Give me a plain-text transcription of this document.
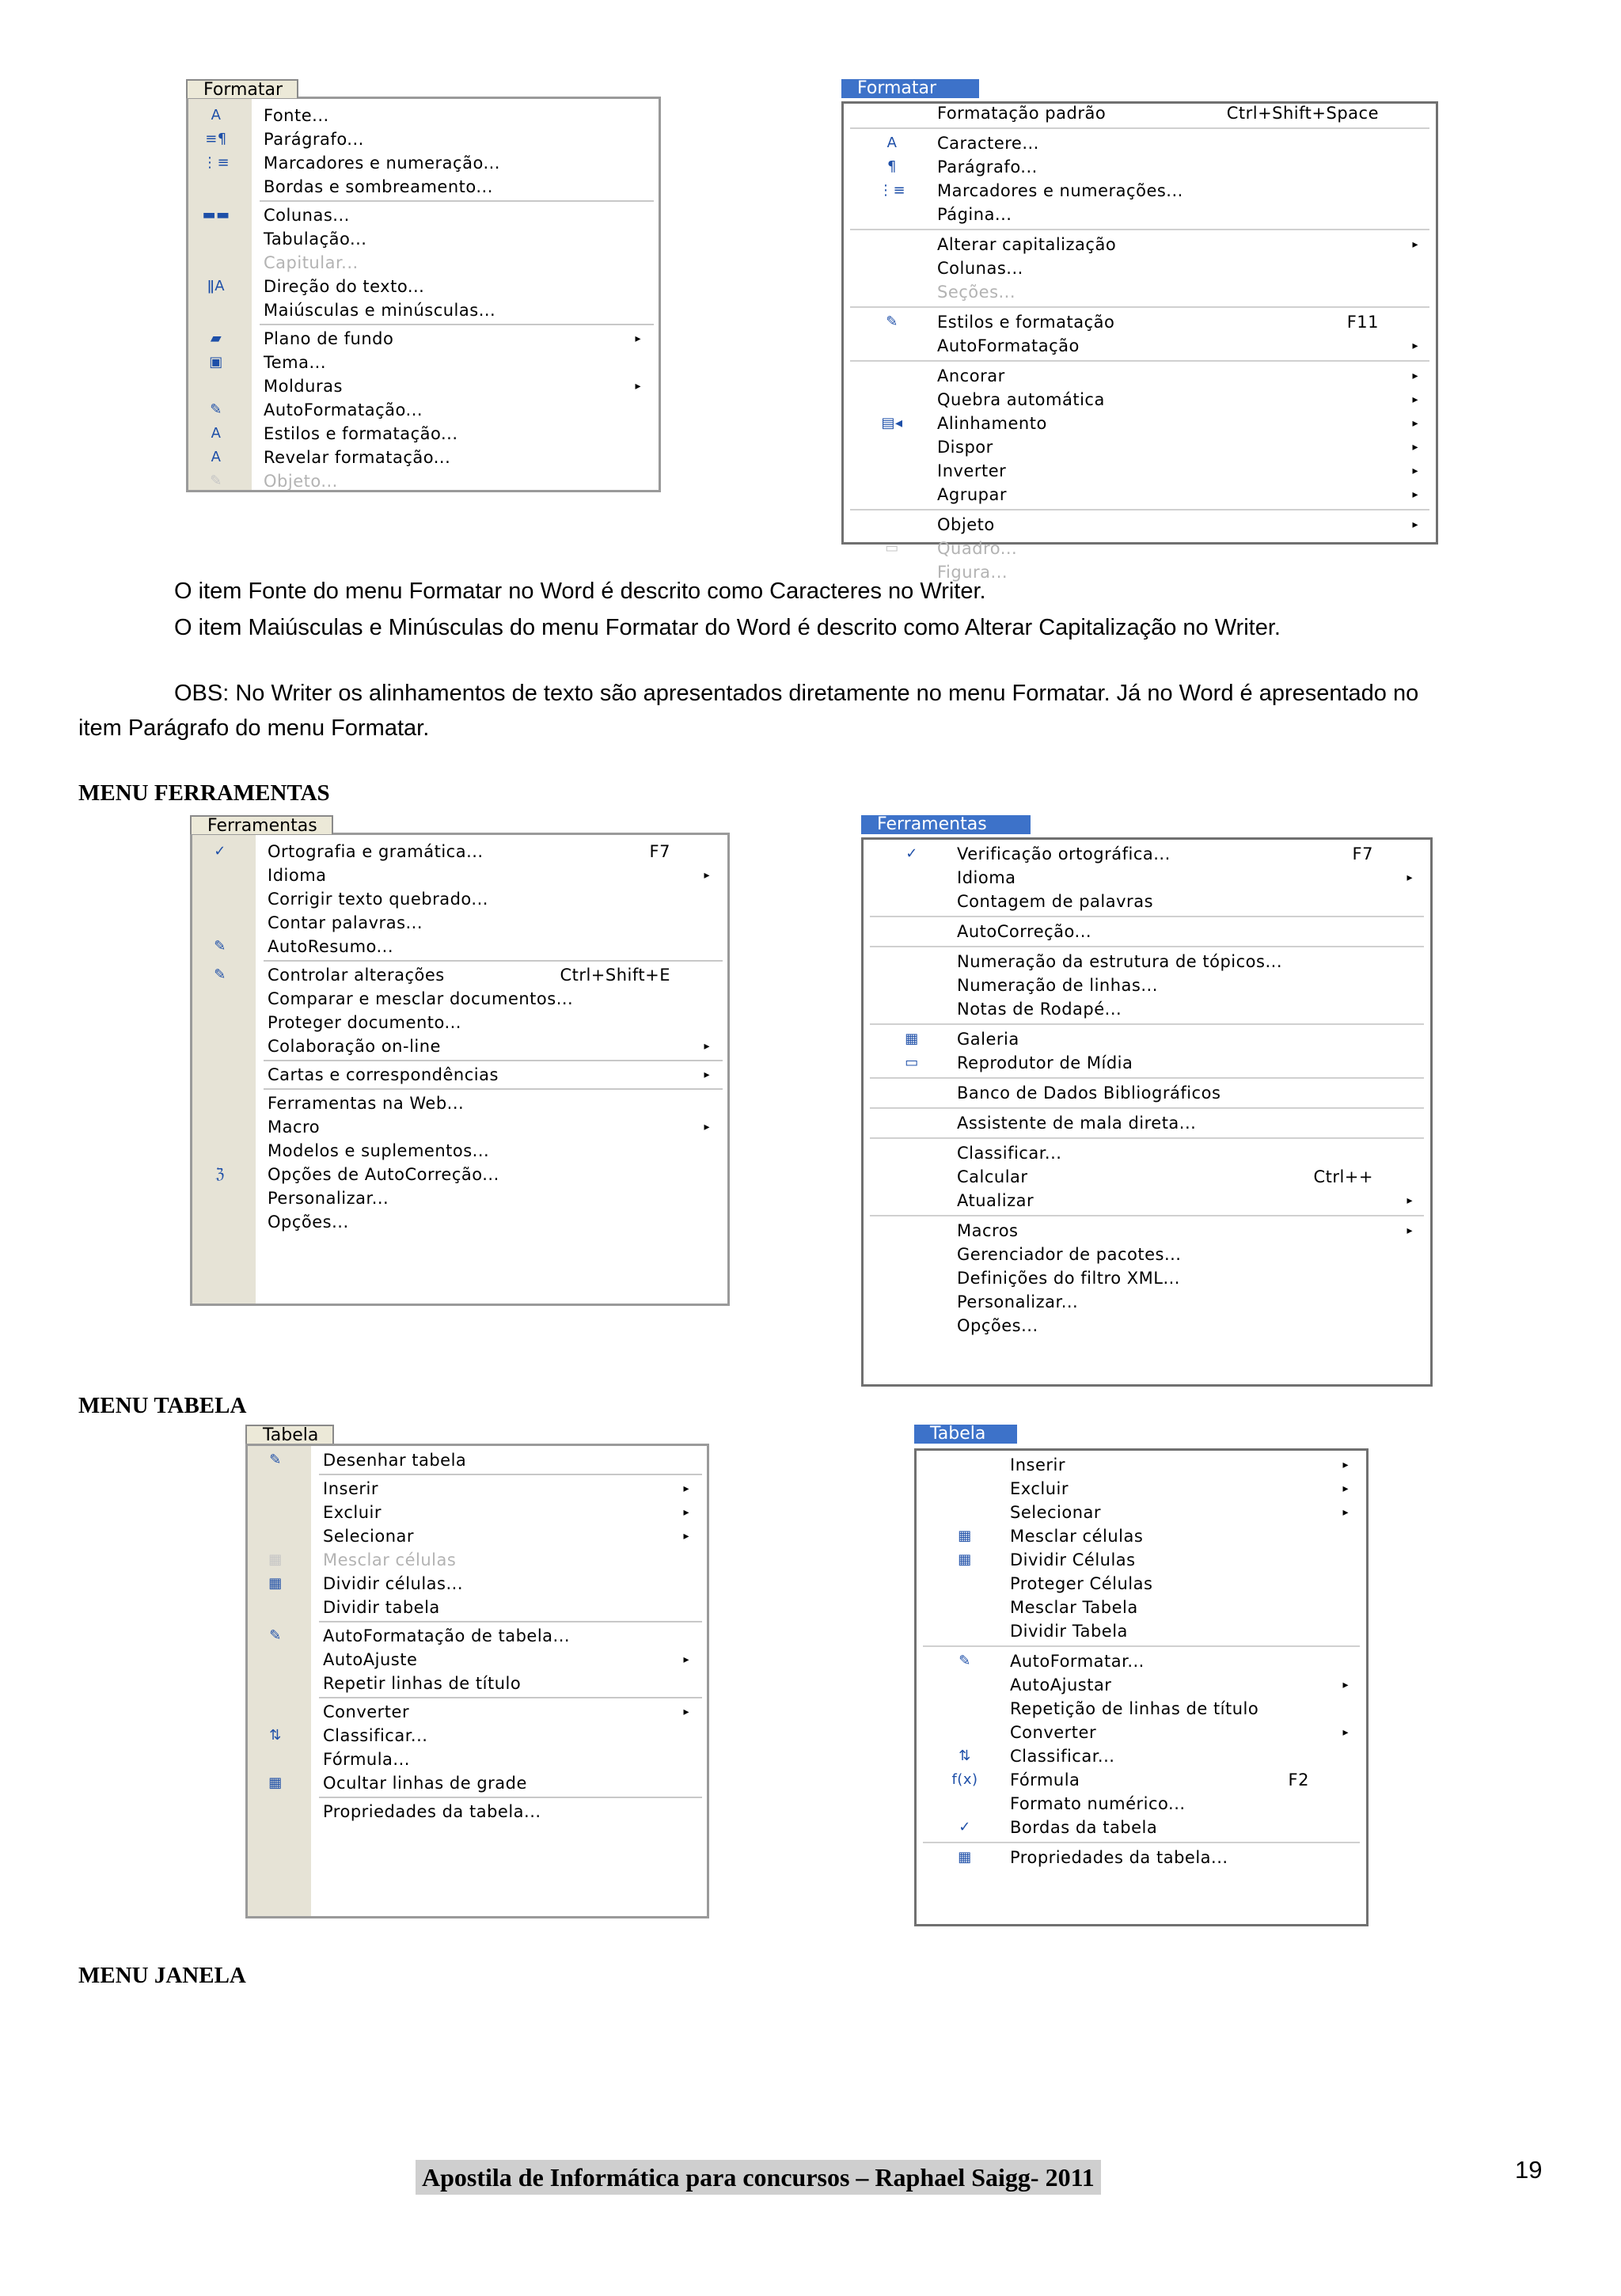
Formatar
A	Fonte...
≡¶	Parágrafo...
⋮≡ Marcadores e numeração...
Bordas e sombreamento...
▬▬ Colunas...
Tabulação...
Capitular...
ǁA	Direção do texto...
Maiúsculas e minúsculas...
▰	Plano de fundo	▸
▣	Tema...
Molduras	▸
✎	AutoFormatação...
A	Estilos e formatação...
A	Revelar formatação...
✎	Objeto...
Formatar
Formatação padrão	Ctrl+Shift+Space
A	Caractere...
¶	Parágrafo...
⋮≡ Marcadores e numerações...
Página...
Alterar capitalização	▸
Colunas...
Seções...
✎	Estilos e formatação	F11
AutoFormatação	▸
Ancorar	▸
Quebra automática	▸
▤◂	Alinhamento	▸
Dispor	▸
Inverter	▸
Agrupar	▸
Objeto	▸
▭	Quadro...
Figura...
O item Fonte do menu Formatar no Word é descrito como Caracteres no Writer.
O item Maiúsculas e Minúsculas do menu Formatar do Word é descrito como Alterar Capitalização no Writer.
OBS: No Writer os alinhamentos de texto são apresentados diretamente no menu Formatar. Já no Word é apresentado no
item Parágrafo do menu Formatar.
MENU FERRAMENTAS
Ferramentas
✓	Ortografia e gramática...	F7
Idioma	▸
Corrigir texto quebrado...
Contar palavras...
✎	AutoResumo...
✎	Controlar alterações	Ctrl+Shift+E
Comparar e mesclar documentos...
Proteger documento...
Colaboração on-line	▸
Cartas e correspondências	▸
Ferramentas na Web...
Macro	▸
Modelos e suplementos...
ℨ	Opções de AutoCorreção...
Personalizar...
Opções...
Ferramentas
✓	Verificação ortográfica...	F7
Idioma	▸
Contagem de palavras
AutoCorreção...
Numeração da estrutura de tópicos...
Numeração de linhas...
Notas de Rodapé...
▦	Galeria
▭	Reprodutor de Mídia
Banco de Dados Bibliográficos
Assistente de mala direta...
Classificar...
Calcular	Ctrl++
Atualizar	▸
Macros	▸
Gerenciador de pacotes...
Definições do filtro XML...
Personalizar...
Opções...
MENU TABELA
Tabela
✎	Desenhar tabela
Inserir	▸
Excluir	▸
Selecionar	▸
▦	Mesclar células
▦	Dividir células...
Dividir tabela
✎	AutoFormatação de tabela...
AutoAjuste	▸
Repetir linhas de título
Converter	▸
⇅	Classificar...
Fórmula...
▦	Ocultar linhas de grade
Propriedades da tabela...
Tabela
Inserir	▸
Excluir	▸
Selecionar	▸
▦	Mesclar células
▦	Dividir Células
Proteger Células
Mesclar Tabela
Dividir Tabela
✎	AutoFormatar...
AutoAjustar	▸
Repetição de linhas de título
Converter	▸
⇅	Classificar...
f(x) Fórmula	F2
Formato numérico...
✓	Bordas da tabela
▦	Propriedades da tabela...
MENU JANELA
Apostila de Informática para concursos – Raphael Saigg- 2011	19
